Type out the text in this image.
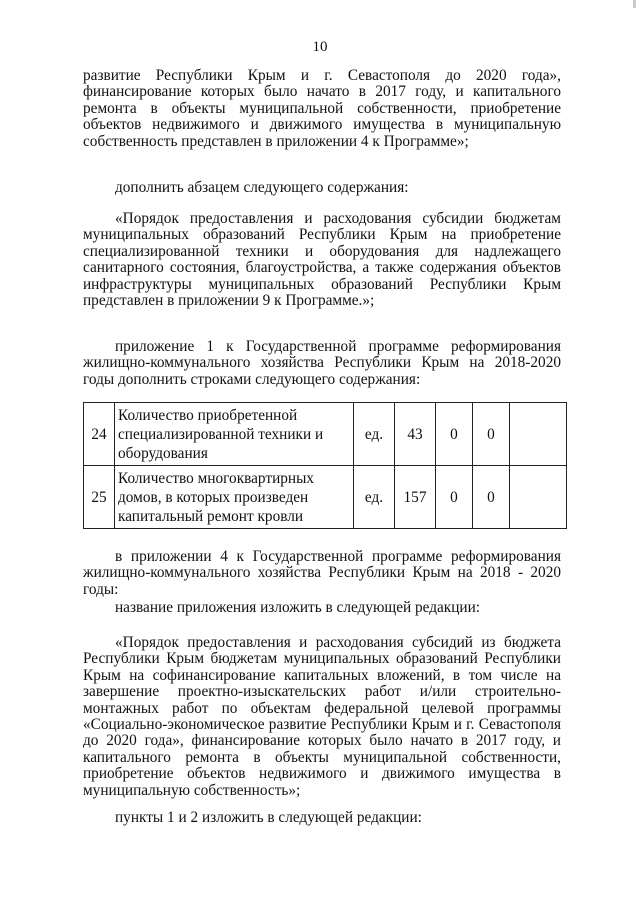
10

развитие Республики Крым и г. Севастополя до 2020 года», финансирование которых было начато в 2017 году, и капитального ремонта в объекты муниципальной собственности, приобретение объектов недвижимого и движимого имущества в муниципальную собственность представлен в приложении 4 к Программе»;

дополнить абзацем следующего содержания:

«Порядок предоставления и расходования субсидии бюджетам муниципальных образований Республики Крым на приобретение специализированной техники и оборудования для надлежащего санитарного состояния, благоустройства, а также содержания объектов инфраструктуры муниципальных образований Республики Крым представлен в приложении 9 к Программе.»;

приложение 1 к Государственной программе реформирования жилищно-коммунального хозяйства Республики Крым на 2018-2020 годы дополнить строками следующего содержания:

24	Количество приобретенной специализированной техники и оборудования	ед.	43	0	0	
25	Количество многоквартирных домов, в которых произведен капитальный ремонт кровли	ед.	157	0	0	

в приложении 4 к Государственной программе реформирования жилищно-коммунального хозяйства Республики Крым на 2018 - 2020 годы:

название приложения изложить в следующей редакции:

«Порядок предоставления и расходования субсидий из бюджета Республики Крым бюджетам муниципальных образований Республики Крым на софинансирование капитальных вложений, в том числе на завершение проектно-изыскательских работ и/или строительно-монтажных работ по объектам федеральной целевой программы «Социально-экономическое развитие Республики Крым и г. Севастополя до 2020 года», финансирование которых было начато в 2017 году, и капитального ремонта в объекты муниципальной собственности, приобретение объектов недвижимого и движимого имущества в муниципальную собственность»;

пункты 1 и 2 изложить в следующей редакции:
